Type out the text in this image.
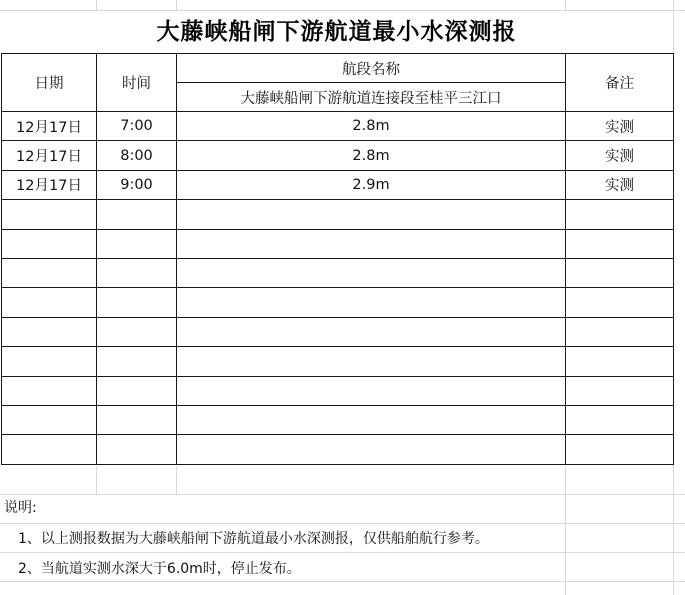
大藤峡船闸下游航道最小水深测报
日期	时间	航段名称	备注
		大藤峡船闸下游航道连接段至桂平三江口	
12月17日	7:00	2.8m	实测
12月17日	8:00	2.8m	实测
12月17日	9:00	2.9m	实测

说明:
1、以上测报数据为大藤峡船闸下游航道最小水深测报，仅供船舶航行参考。
2、当航道实测水深大于6.0m时，停止发布。
